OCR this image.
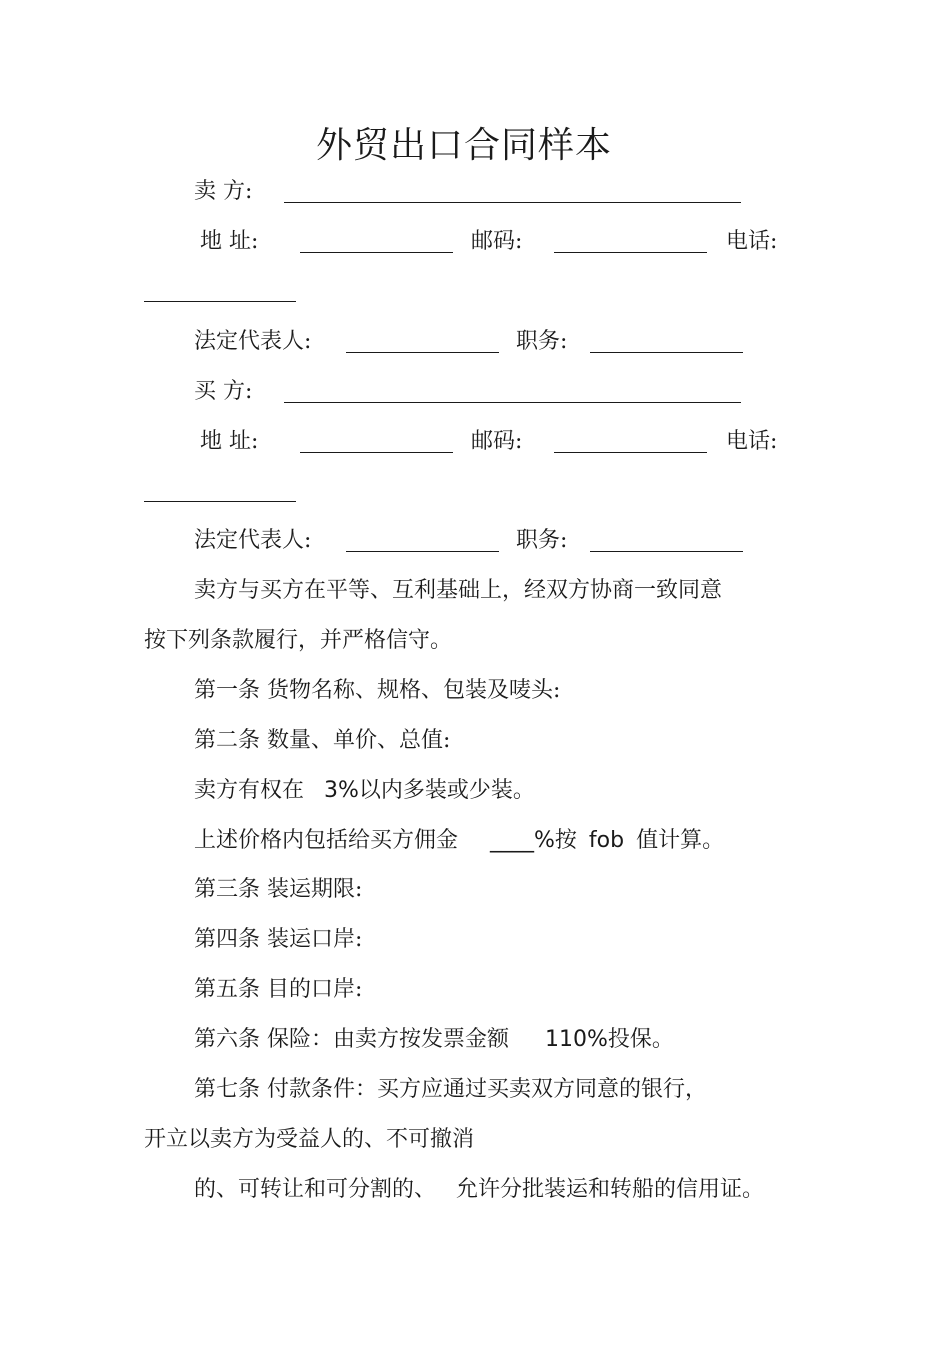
外贸出口合同样本
卖 方:
地 址:	邮码:	电话:
法定代表人:	职务:
买 方:
地 址:	邮码:	电话:
法定代表人:	职务:
卖方与买方在平等、互利基础上，经双方协商一致同意
按下列条款履行，并严格信守。
第一条 货物名称、规格、包装及唛头:
第二条 数量、单价、总值:
卖方有权在 3%以内多装或少装。
上述价格内包括给买方佣金 ____%按 fob 值计算。
第三条 装运期限:
第四条 装运口岸:
第五条 目的口岸:
第六条 保险：由卖方按发票金额 110%投保。
第七条 付款条件：买方应通过买卖双方同意的银行，
开立以卖方为受益人的、不可撤消
的、可转让和可分割的、 允许分批装运和转船的信用证。
